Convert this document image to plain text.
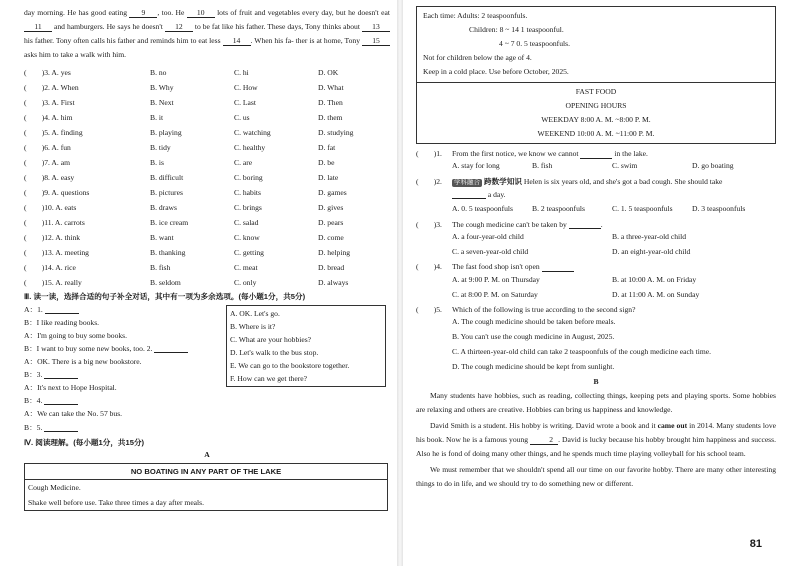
day morning. He has good eating 9 , too. He 10 lots of fruit and vegetables every day, but he doesn't eat 11 and hamburgers. He says he doesn't 12 to be fat like his father. These days, Tony thinks about 13 his father. Tony often calls his father and reminds him to eat less 14 . When his fa- ther is at home, Tony 15 asks him to take a walk with him.
(　　)3. A. yes	B. no	C. hi	D. OK
(　　)2. A. When	B. Why	C. How	D. What
(　　)3. A. First	B. Next	C. Last	D. Then
(　　)4. A. him	B. it	C. us	D. them
(　　)5. A. finding	B. playing	C. watching	D. studying
(　　)6. A. fun	B. tidy	C. healthy	D. fat
(　　)7. A. am	B. is	C. are	D. be
(　　)8. A. easy	B. difficult	C. boring	D. late
(　　)9. A. questions	B. pictures	C. habits	D. games
(　　)10. A. eats	B. draws	C. brings	D. gives
(　　)11. A. carrots	B. ice cream	C. salad	D. pears
(　　)12. A. think	B. want	C. know	D. come
(　　)13. A. meeting	B. thanking	C. getting	D. helping
(　　)14. A. rice	B. fish	C. meat	D. bread
(　　)15. A. really	B. seldom	C. only	D. always
Ⅲ. 读一读，选择合适的句子补全对话，其中有一项为多余选项。(每小题1分，共5分)
A：1.
B：I like reading books.
A：I'm going to buy some books.
B：I want to buy some new books, too. 2.
A：OK. There is a big new bookstore.
B：3.
A：It's next to Hope Hospital.
B：4.
A：We can take the No. 57 bus.
A. OK. Let's go.
B. Where is it?
C. What are your hobbies?
D. Let's walk to the bus stop.
E. We can go to the bookstore together.
F. How can we get there?
B：5.
Ⅳ. 阅读理解。(每小题1分，共15分)
A
NO BOATING IN ANY PART OF THE LAKE
Cough Medicine.
Shake well before use. Take three times a day after meals.
Each time: Adults: 2 teaspoonfuls.
Children: 8 ~ 14 1 teaspoonful.
4 ~ 7 0. 5 teaspoonfuls.
Not for children below the age of 4.
Keep in a cold place. Use before October, 2025.
FAST FOOD
OPENING HOURS
WEEKDAY 8:00 A. M. ~8:00 P. M.
WEEKEND 10:00 A. M. ~11:00 P. M.
(　　)1.	From the first notice, we know we cannot	in the lake.
A. stay for long	B. fish	C. swim	D. go boating
(　　)2.	学科融合 跨数学知识 Helen is six years old, and she's got a bad cough. She should take
a day.
A. 0. 5 teaspoonfuls	B. 2 teaspoonfuls	C. 1. 5 teaspoonfuls	D. 3 teaspoonfuls
(　　)3.	The cough medicine can't be taken by	.
A. a four-year-old child	B. a three-year-old child
C. a seven-year-old child	D. an eight-year-old child
(　　)4.	The fast food shop isn't open
A. at 9:00 P. M. on Thursday	B. at 10:00 A. M. on Friday
C. at 8:00 P. M. on Saturday	D. at 11:00 A. M. on Sunday
(　　)5.	Which of the following is true according to the second sign?
A. The cough medicine should be taken before meals.
B. You can't use the cough medicine in August, 2025.
C. A thirteen-year-old child can take 2 teaspoonfuls of the cough medicine each time.
D. The cough medicine should be kept from sunlight.
B
Many students have hobbies, such as reading, collecting things, keeping pets and playing sports. Some hobbies are relaxing and others are creative. Hobbies can bring us happiness and knowledge.
David Smith is a student. His hobby is writing. David wrote a book and it came out in 2014. Many students love his book. Now he is a famous young	2 . David is lucky because his hobby brought him happiness and success. Also he is fond of doing many other things, and he spends much time playing volleyball for his school team.
We must remember that we shouldn't spend all our time on our favorite hobby. There are many other interesting things to do in life, and we should try to do something new or different.
81
